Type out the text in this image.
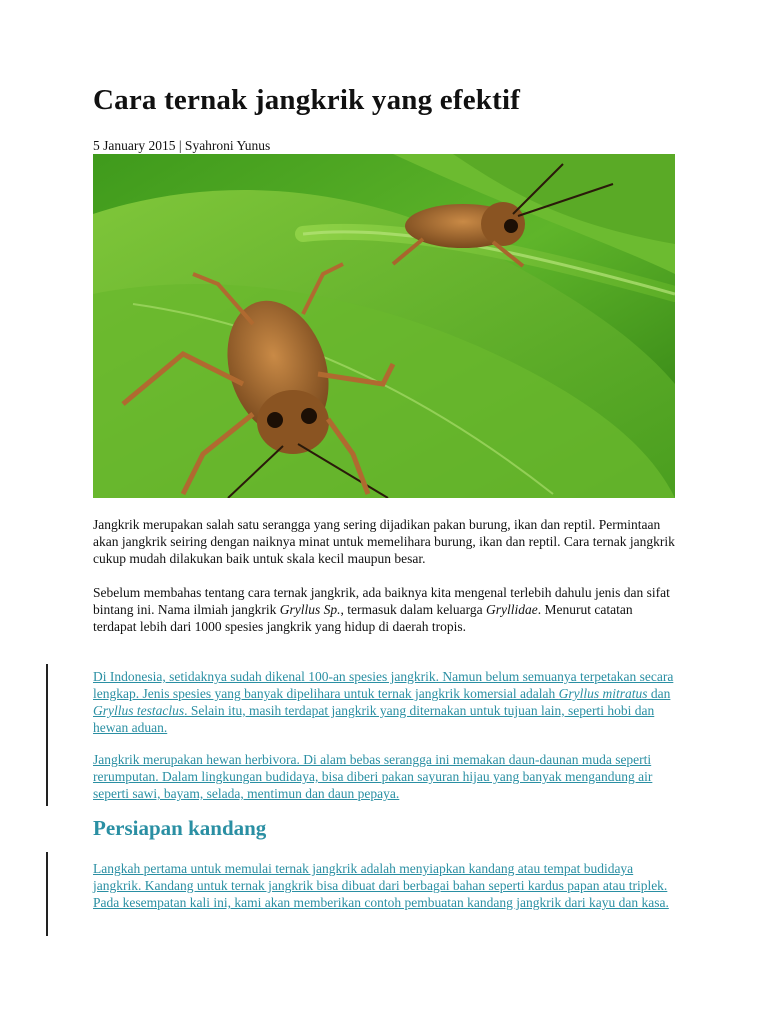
Cara ternak jangkrik yang efektif
5 January 2015 | Syahroni Yunus

Jangkrik merupakan salah satu serangga yang sering dijadikan pakan burung, ikan dan reptil. Permintaan akan jangkrik seiring dengan naiknya minat untuk memelihara burung, ikan dan reptil. Cara ternak jangkrik cukup mudah dilakukan baik untuk skala kecil maupun besar.

Sebelum membahas tentang cara ternak jangkrik, ada baiknya kita mengenal terlebih dahulu jenis dan sifat bintang ini. Nama ilmiah jangkrik Gryllus Sp., termasuk dalam keluarga Gryllidae. Menurut catatan terdapat lebih dari 1000 spesies jangkrik yang hidup di daerah tropis.

Di Indonesia, setidaknya sudah dikenal 100-an spesies jangkrik. Namun belum semuanya terpetakan secara lengkap. Jenis spesies yang banyak dipelihara untuk ternak jangkrik komersial adalah Gryllus mitratus dan Gryllus testaclus. Selain itu, masih terdapat jangkrik yang diternakan untuk tujuan lain, seperti hobi dan hewan aduan.

Jangkrik merupakan hewan herbivora. Di alam bebas serangga ini memakan daun-daunan muda seperti rerumputan. Dalam lingkungan budidaya, bisa diberi pakan sayuran hijau yang banyak mengandung air seperti sawi, bayam, selada, mentimun dan daun pepaya.

Persiapan kandang

Langkah pertama untuk memulai ternak jangkrik adalah menyiapkan kandang atau tempat budidaya jangkrik. Kandang untuk ternak jangkrik bisa dibuat dari berbagai bahan seperti kardus papan atau triplek. Pada kesempatan kali ini, kami akan memberikan contoh pembuatan kandang jangkrik dari kayu dan kasa.
